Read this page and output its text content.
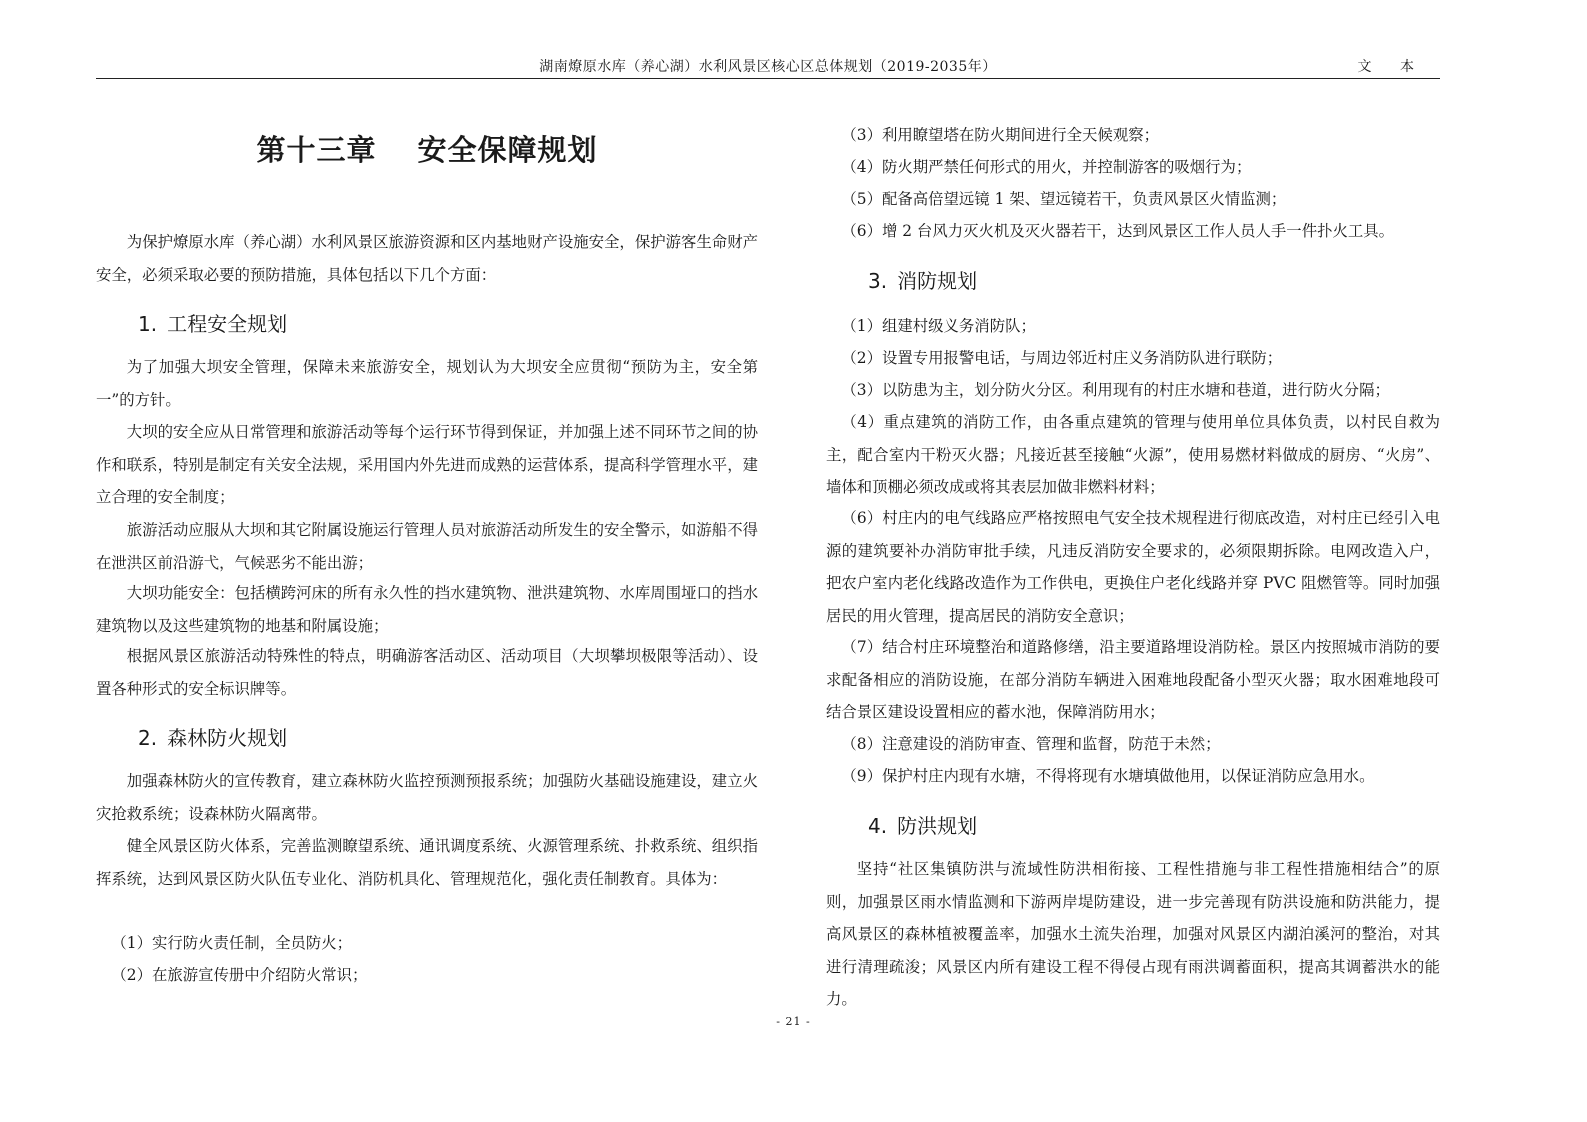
湖南燎原水库（养心湖）水利风景区核心区总体规划（2019-2035年）	文 本
第十三章　 安全保障规划

为保护燎原水库（养心湖）水利风景区旅游资源和区内基地财产设施安全，保护游客生命财产安全，必须采取必要的预防措施，具体包括以下几个方面：

1. 工程安全规划

为了加强大坝安全管理，保障未来旅游安全，规划认为大坝安全应贯彻“预防为主，安全第一”的方针。

大坝的安全应从日常管理和旅游活动等每个运行环节得到保证，并加强上述不同环节之间的协作和联系，特别是制定有关安全法规，采用国内外先进而成熟的运营体系，提高科学管理水平，建立合理的安全制度；

旅游活动应服从大坝和其它附属设施运行管理人员对旅游活动所发生的安全警示，如游船不得在泄洪区前沿游弋，气候恶劣不能出游；

大坝功能安全：包括横跨河床的所有永久性的挡水建筑物、泄洪建筑物、水库周围垭口的挡水建筑物以及这些建筑物的地基和附属设施；

根据风景区旅游活动特殊性的特点，明确游客活动区、活动项目（大坝攀坝极限等活动）、设置各种形式的安全标识牌等。

2. 森林防火规划

加强森林防火的宣传教育，建立森林防火监控预测预报系统；加强防火基础设施建设，建立火灾抢救系统；设森林防火隔离带。

健全风景区防火体系，完善监测瞭望系统、通讯调度系统、火源管理系统、扑救系统、组织指挥系统，达到风景区防火队伍专业化、消防机具化、管理规范化，强化责任制教育。具体为：

（1）实行防火责任制，全员防火；

（2）在旅游宣传册中介绍防火常识；

（3）利用瞭望塔在防火期间进行全天候观察；

（4）防火期严禁任何形式的用火，并控制游客的吸烟行为；

（5）配备高倍望远镜 1 架、望远镜若干，负责风景区火情监测；

（6）增 2 台风力灭火机及灭火器若干，达到风景区工作人员人手一件扑火工具。

3. 消防规划

（1）组建村级义务消防队；

（2）设置专用报警电话，与周边邻近村庄义务消防队进行联防；

（3）以防患为主，划分防火分区。利用现有的村庄水塘和巷道，进行防火分隔；

（4）重点建筑的消防工作，由各重点建筑的管理与使用单位具体负责，以村民自救为主，配合室内干粉灭火器；凡接近甚至接触“火源”，使用易燃材料做成的厨房、“火房”、墙体和顶棚必须改成或将其表层加做非燃料材料；

（6）村庄内的电气线路应严格按照电气安全技术规程进行彻底改造，对村庄已经引入电源的建筑要补办消防审批手续，凡违反消防安全要求的，必须限期拆除。电网改造入户，把农户室内老化线路改造作为工作供电，更换住户老化线路并穿 PVC 阻燃管等。同时加强居民的用火管理，提高居民的消防安全意识；

（7）结合村庄环境整治和道路修缮，沿主要道路埋设消防栓。景区内按照城市消防的要求配备相应的消防设施，在部分消防车辆进入困难地段配备小型灭火器；取水困难地段可结合景区建设设置相应的蓄水池，保障消防用水；

（8）注意建设的消防审查、管理和监督，防范于未然；

（9）保护村庄内现有水塘，不得将现有水塘填做他用，以保证消防应急用水。

4. 防洪规划

坚持“社区集镇防洪与流域性防洪相衔接、工程性措施与非工程性措施相结合”的原则，加强景区雨水情监测和下游两岸堤防建设，进一步完善现有防洪设施和防洪能力，提高风景区的森林植被覆盖率，加强水土流失治理，加强对风景区内湖泊溪河的整治，对其进行清理疏浚；风景区内所有建设工程不得侵占现有雨洪调蓄面积，提高其调蓄洪水的能力。

- 21 -
